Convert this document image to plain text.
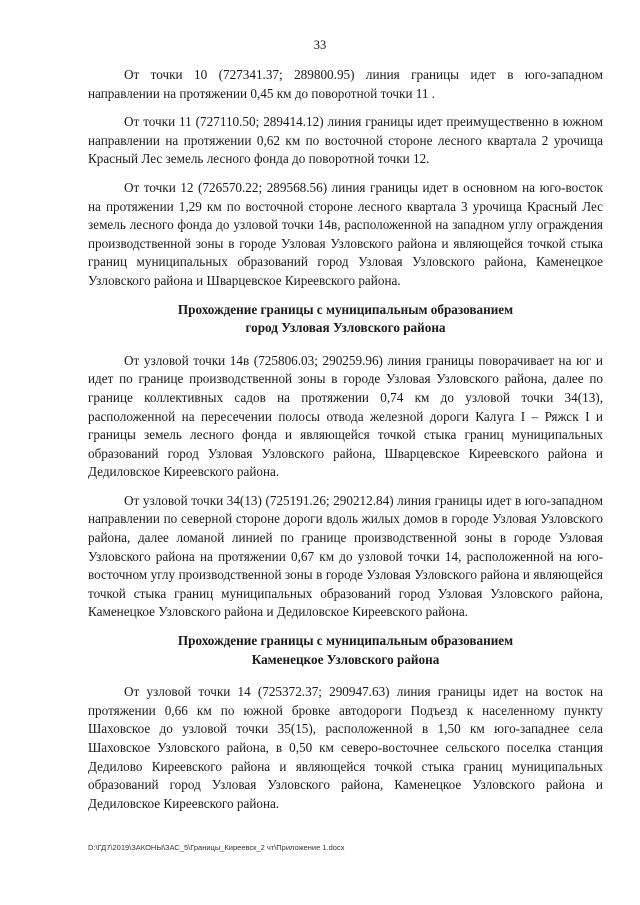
33

От точки 10 (727341.37; 289800.95) линия границы идет в юго-западном направлении на протяжении 0,45 км до поворотной точки 11 .

От точки 11 (727110.50; 289414.12) линия границы идет преимущественно в южном направлении на протяжении 0,62 км по восточной стороне лесного квартала 2 урочища Красный Лес земель лесного фонда до поворотной точки 12.

От точки 12 (726570.22; 289568.56) линия границы идет в основном на юго-восток на протяжении 1,29 км по восточной стороне лесного квартала 3 урочища Красный Лес земель лесного фонда до узловой точки 14в, расположенной на западном углу ограждения производственной зоны в городе Узловая Узловского района и являющейся точкой стыка границ муниципальных образований город Узловая Узловского района, Каменецкое Узловского района и Шварцевское Киреевского района.

Прохождение границы с муниципальным образованием
город Узловая Узловского района

От узловой точки 14в (725806.03; 290259.96) линия границы поворачивает на юг и идет по границе производственной зоны в городе Узловая Узловского района, далее по границе коллективных садов на протяжении 0,74 км до узловой точки 34(13), расположенной на пересечении полосы отвода железной дороги Калуга I – Ряжск I и границы земель лесного фонда и являющейся точкой стыка границ муниципальных образований город Узловая Узловского района, Шварцевское Киреевского района и Дедиловское Киреевского района.

От узловой точки 34(13) (725191.26; 290212.84) линия границы идет в юго-западном направлении по северной стороне дороги вдоль жилых домов в городе Узловая Узловского района, далее ломаной линией по границе производственной зоны в городе Узловая Узловского района на протяжении 0,67 км до узловой точки 14, расположенной на юго-восточном углу производственной зоны в городе Узловая Узловского района и являющейся точкой стыка границ муниципальных образований город Узловая Узловского района, Каменецкое Узловского района и Дедиловское Киреевского района.

Прохождение границы с муниципальным образованием
Каменецкое Узловского района

От узловой точки 14 (725372.37; 290947.63) линия границы идет на восток на протяжении 0,66 км по южной бровке автодороги Подъезд к населенному пункту Шаховское до узловой точки 35(15), расположенной в 1,50 км юго-западнее села Шаховское Узловского района, в 0,50 км северо-восточнее сельского поселка станция Дедилово Киреевского района и являющейся точкой стыка границ муниципальных образований город Узловая Узловского района, Каменецкое Узловского района и Дедиловское Киреевского района.

D:\ГД7\2019\ЗАКОНЫ\ЗАС_5\Границы_Киреевск_2 чт\Приложение 1.docx
